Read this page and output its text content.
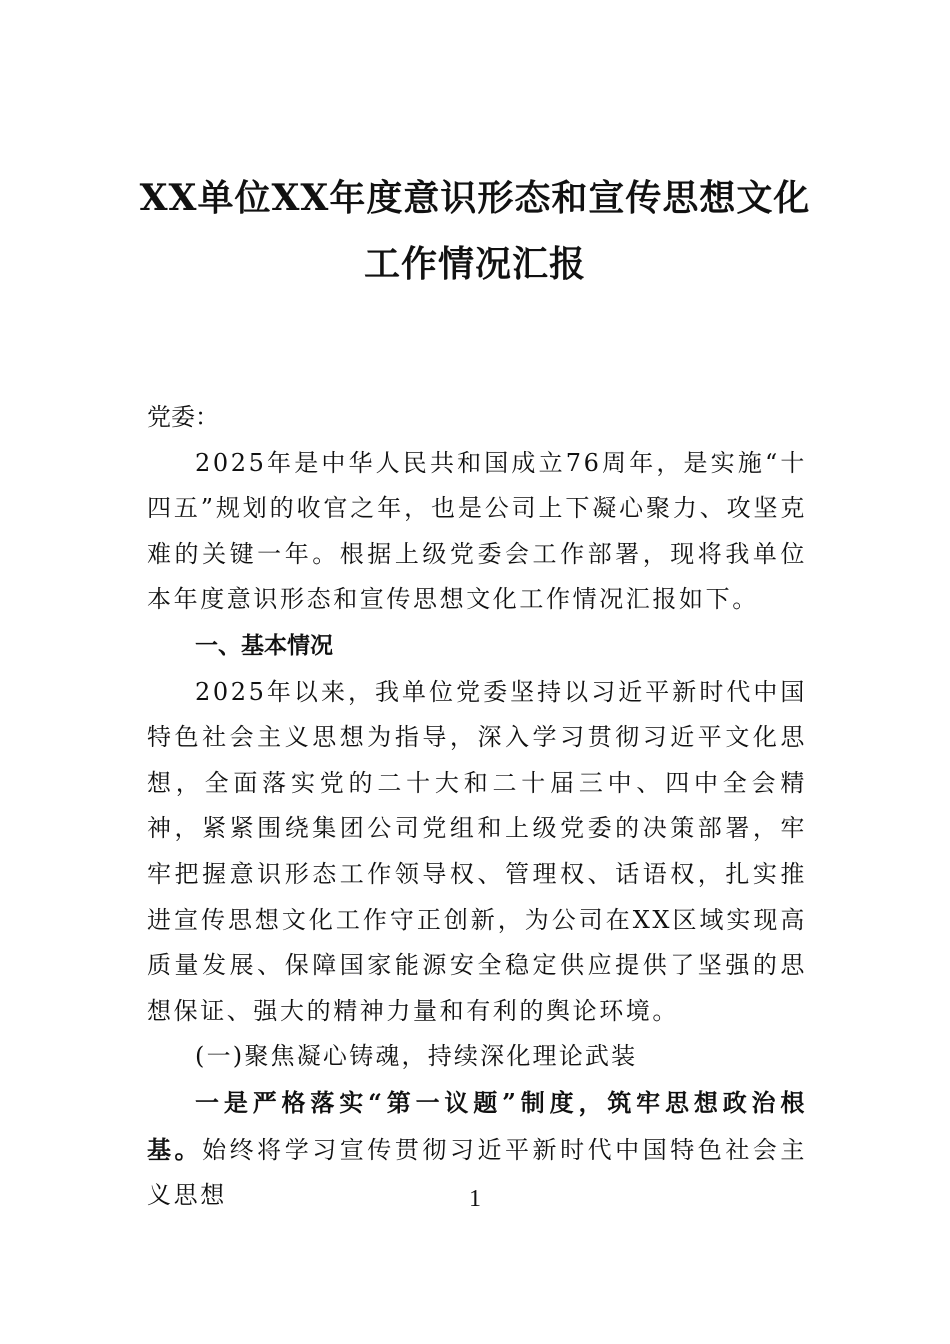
XX单位XX年度意识形态和宣传思想文化
工作情况汇报

党委：

2025年是中华人民共和国成立76周年，是实施“十四五”规划的收官之年，也是公司上下凝心聚力、攻坚克难的关键一年。根据上级党委会工作部署，现将我单位本年度意识形态和宣传思想文化工作情况汇报如下。

一、基本情况

2025年以来，我单位党委坚持以习近平新时代中国特色社会主义思想为指导，深入学习贯彻习近平文化思想，全面落实党的二十大和二十届三中、四中全会精神，紧紧围绕集团公司党组和上级党委的决策部署，牢牢把握意识形态工作领导权、管理权、话语权，扎实推进宣传思想文化工作守正创新，为公司在XX区域实现高质量发展、保障国家能源安全稳定供应提供了坚强的思想保证、强大的精神力量和有利的舆论环境。

(一)聚焦凝心铸魂，持续深化理论武装

一是严格落实“第一议题”制度，筑牢思想政治根基。始终将学习宣传贯彻习近平新时代中国特色社会主义思想	1
